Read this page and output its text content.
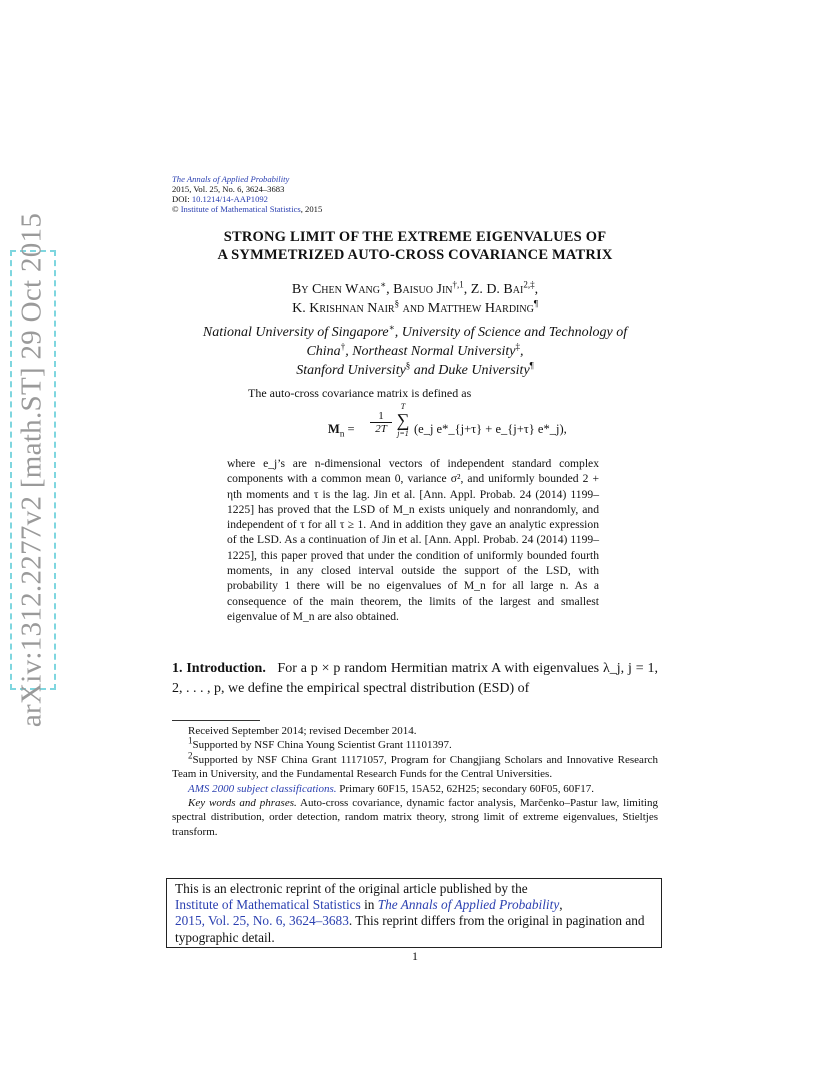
arXiv:1312.2277v2 [math.ST] 29 Oct 2015
The Annals of Applied Probability
2015, Vol. 25, No. 6, 3624–3683
DOI: 10.1214/14-AAP1092
© Institute of Mathematical Statistics, 2015
STRONG LIMIT OF THE EXTREME EIGENVALUES OF
A SYMMETRIZED AUTO-CROSS COVARIANCE MATRIX
By Chen Wang∗, Baisuo Jin$^{\dagger,1}$, Z. D. Bai$^{2,\ddagger}$,
K. Krishnan Nair§ and Matthew Harding¶
National University of Singapore∗, University of Science and Technology of
China†, Northeast Normal University‡,
Stanford University§ and Duke University¶
The auto-cross covariance matrix is defined as
$M_n$ =
1
2T
T
∑
j=1 (e_j e*_{j+τ} + e_{j+τ} e*_j),
where e_j’s are n-dimensional vectors of independent standard complex components with a common mean 0, variance σ², and uniformly bounded 2 + ηth moments and τ is the lag. Jin et al. [Ann. Appl. Probab. 24 (2014) 1199–1225] has proved that the LSD of M_n exists uniquely and nonrandomly, and independent of τ for all τ ≥ 1. And in addition they gave an analytic expression of the LSD. As a continuation of Jin et al. [Ann. Appl. Probab. 24 (2014) 1199–1225], this paper proved that under the condition of uniformly bounded fourth moments, in any closed interval outside the support of the LSD, with probability 1 there will be no eigenvalues of M_n for all large n. As a consequence of the main theorem, the limits of the largest and smallest eigenvalue of M_n are also obtained.
1. Introduction. For a p × p random Hermitian matrix A with eigenvalues λ_j, j = 1, 2, . . . , p, we define the empirical spectral distribution (ESD) of

Received September 2014; revised December 2014.

$^1$Supported by NSF China Young Scientist Grant 11101397.

$^2$Supported by NSF China Grant 11171057, Program for Changjiang Scholars and Innovative Research Team in University, and the Fundamental Research Funds for the Central Universities.

AMS 2000 subject classifications. Primary 60F15, 15A52, 62H25; secondary 60F05, 60F17.

Key words and phrases. Auto-cross covariance, dynamic factor analysis, Marčenko–Pastur law, limiting spectral distribution, order detection, random matrix theory, strong limit of extreme eigenvalues, Stieltjes transform.

This is an electronic reprint of the original article published by the
Institute of Mathematical Statistics in The Annals of Applied Probability,
2015, Vol. 25, No. 6, 3624–3683. This reprint differs from the original in pagination and typographic detail.
1
